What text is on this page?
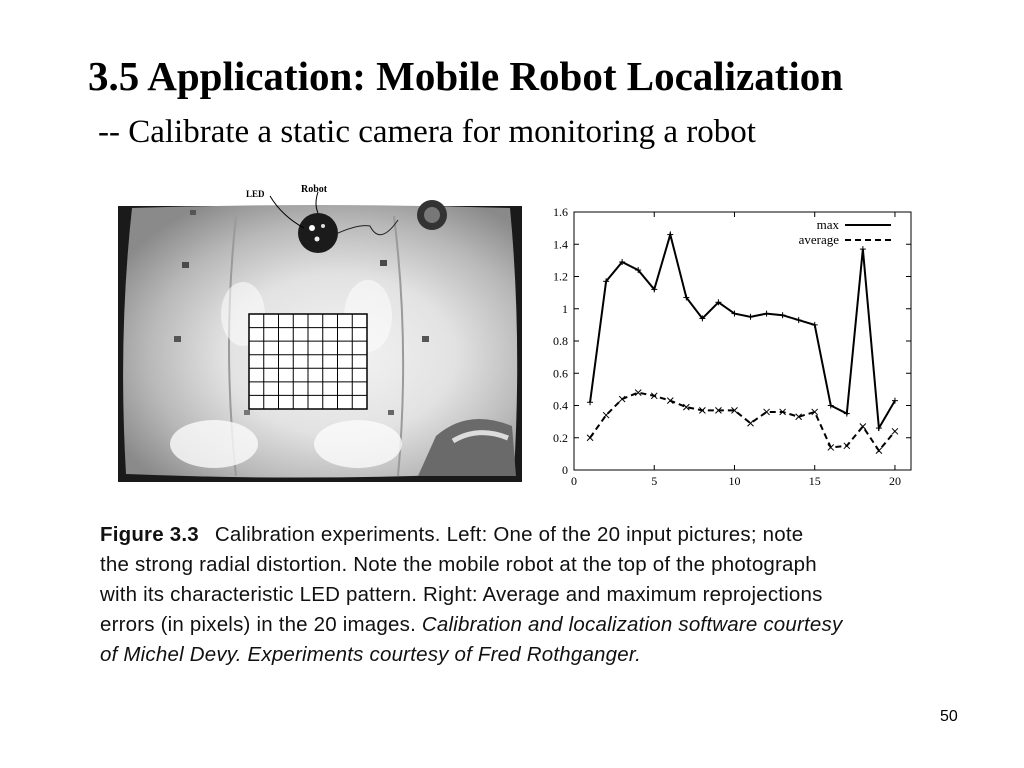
3.5 Application: Mobile Robot Localization
-- Calibrate a static camera for monitoring a robot
LED	Robot
0
0.2
0.4
0.6
0.8
1
1.2
1.4
1.6
0	5	10	15	20
max
average
Figure 3.3 Calibration experiments. Left: One of the 20 input pictures; note
the strong radial distortion. Note the mobile robot at the top of the photograph
with its characteristic LED pattern. Right: Average and maximum reprojections
errors (in pixels) in the 20 images. Calibration and localization software courtesy
of Michel Devy. Experiments courtesy of Fred Rothganger.
50
